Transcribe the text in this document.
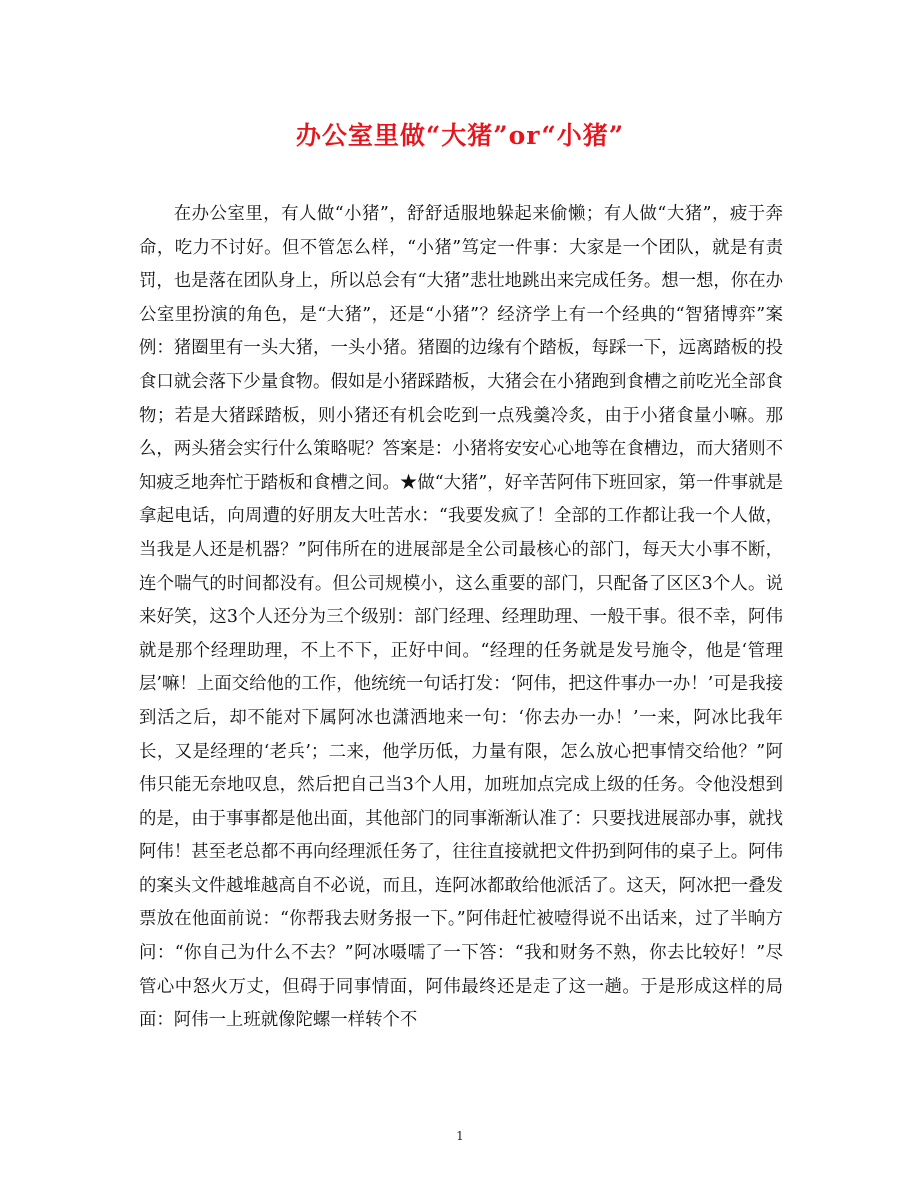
办公室里做“大猪”or“小猪”

在办公室里，有人做“小猪”，舒舒适服地躲起来偷懒；有人做“大猪”，疲于奔命，吃力不讨好。但不管怎么样，“小猪”笃定一件事：大家是一个团队，就是有责罚，也是落在团队身上，所以总会有“大猪”悲壮地跳出来完成任务。想一想，你在办公室里扮演的角色，是“大猪”，还是“小猪”？经济学上有一个经典的“智猪博弈”案例：猪圈里有一头大猪，一头小猪。猪圈的边缘有个踏板，每踩一下，远离踏板的投食口就会落下少量食物。假如是小猪踩踏板，大猪会在小猪跑到食槽之前吃光全部食物；若是大猪踩踏板，则小猪还有机会吃到一点残羹冷炙，由于小猪食量小嘛。那么，两头猪会实行什么策略呢？答案是：小猪将安安心心地等在食槽边，而大猪则不知疲乏地奔忙于踏板和食槽之间。★做“大猪”，好辛苦阿伟下班回家，第一件事就是拿起电话，向周遭的好朋友大吐苦水：“我要发疯了！全部的工作都让我一个人做，当我是人还是机器？”阿伟所在的进展部是全公司最核心的部门，每天大小事不断，连个喘气的时间都没有。但公司规模小，这么重要的部门，只配备了区区3个人。说来好笑，这3个人还分为三个级别：部门经理、经理助理、一般干事。很不幸，阿伟就是那个经理助理，不上不下，正好中间。“经理的任务就是发号施令，他是‘管理层’嘛！上面交给他的工作，他统统一句话打发：‘阿伟，把这件事办一办！’可是我接到活之后，却不能对下属阿冰也潇洒地来一句：‘你去办一办！’一来，阿冰比我年长，又是经理的‘老兵’；二来，他学历低，力量有限，怎么放心把事情交给他？”阿伟只能无奈地叹息，然后把自己当3个人用，加班加点完成上级的任务。令他没想到的是，由于事事都是他出面，其他部门的同事渐渐认准了：只要找进展部办事，就找阿伟！甚至老总都不再向经理派任务了，往往直接就把文件扔到阿伟的桌子上。阿伟的案头文件越堆越高自不必说，而且，连阿冰都敢给他派活了。这天，阿冰把一叠发票放在他面前说：“你帮我去财务报一下。”阿伟赶忙被噎得说不出话来，过了半晌方问：“你自己为什么不去？”阿冰嗫嚅了一下答：“我和财务不熟，你去比较好！”尽管心中怒火万丈，但碍于同事情面，阿伟最终还是走了这一趟。于是形成这样的局面：阿伟一上班就像陀螺一样转个不

1
